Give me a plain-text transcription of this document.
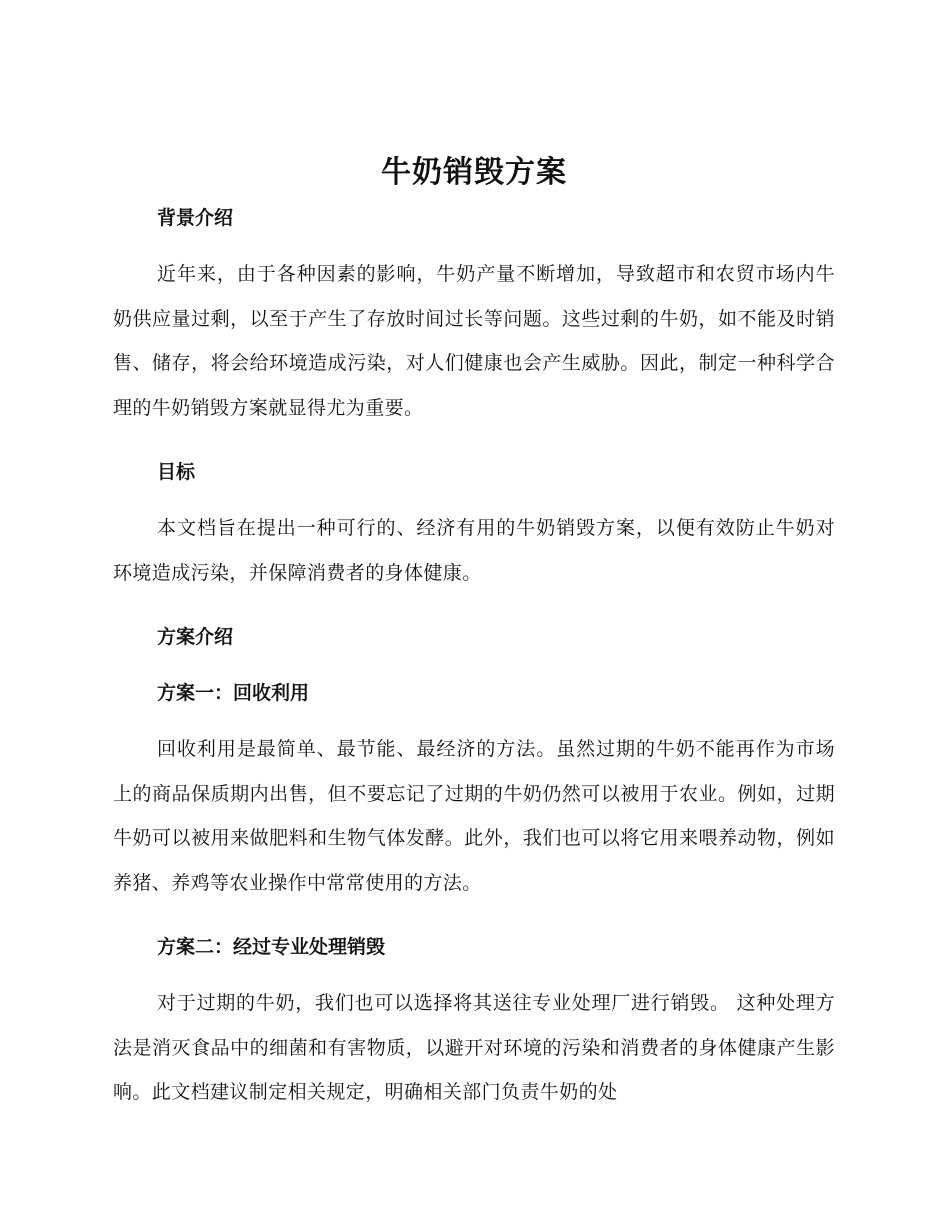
牛奶销毁方案
背景介绍

近年来，由于各种因素的影响，牛奶产量不断增加，导致超市和农贸市场内牛奶供应量过剩，以至于产生了存放时间过长等问题。这些过剩的牛奶，如不能及时销售、储存，将会给环境造成污染，对人们健康也会产生威胁。因此，制定一种科学合理的牛奶销毁方案就显得尤为重要。

目标

本文档旨在提出一种可行的、经济有用的牛奶销毁方案，以便有效防止牛奶对环境造成污染，并保障消费者的身体健康。

方案介绍
方案一：回收利用

回收利用是最简单、最节能、最经济的方法。虽然过期的牛奶不能再作为市场上的商品保质期内出售，但不要忘记了过期的牛奶仍然可以被用于农业。例如，过期牛奶可以被用来做肥料和生物气体发酵。此外，我们也可以将它用来喂养动物，例如养猪、养鸡等农业操作中常常使用的方法。

方案二：经过专业处理销毁

对于过期的牛奶，我们也可以选择将其送往专业处理厂进行销毁。 这种处理方法是消灭食品中的细菌和有害物质，以避开对环境的污染和消费者的身体健康产生影响。此文档建议制定相关规定，明确相关部门负责牛奶的处
